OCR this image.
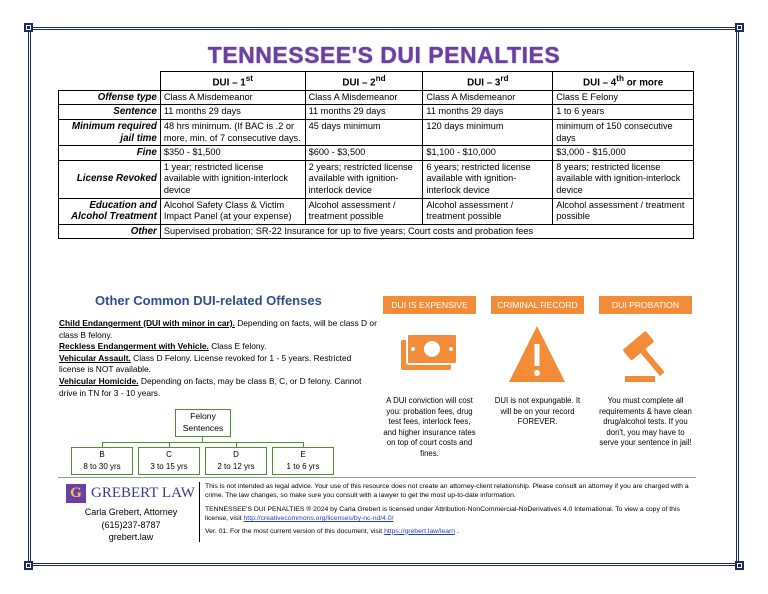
TENNESSEE'S DUI PENALTIES
	DUI – 1st	DUI – 2nd	DUI – 3rd	DUI – 4th or more
Offense type	Class A Misdemeanor	Class A Misdemeanor	Class A Misdemeanor	Class E Felony
Sentence	11 months 29 days	11 months 29 days	11 months 29 days	1 to 6 years
Minimum required jail time	48 hrs minimum. (If BAC is .2 or more, min. of 7 consecutive days.	45 days minimum	120 days minimum	minimum of 150 consecutive days
Fine	$350 - $1,500	$600 - $3,500	$1,100 - $10,000	$3,000 - $15,000
License Revoked	1 year; restricted license available with ignition-interlock device	2 years; restricted license available with ignition-interlock device	6 years; restricted license available with ignition-interlock device	8 years; restricted license available with ignition-interlock device
Education and Alcohol Treatment	Alcohol Safety Class & Victim Impact Panel (at your expense)	Alcohol assessment / treatment possible	Alcohol assessment / treatment possible	Alcohol assessment / treatment possible
Other	Supervised probation; SR-22 Insurance for up to five years; Court costs and probation fees			
Other Common DUI-related Offenses
Child Endangerment (DUI with minor in car). Depending on facts, will be class D or class B felony.
Reckless Endangerment with Vehicle. Class E felony.
Vehicular Assault. Class D Felony. License revoked for 1 - 5 years. Restricted license is NOT available.
Vehicular Homicide. Depending on facts, may be class B, C, or D felony. Cannot drive in TN for 3 - 10 years.
Felony Sentences
B
8 to 30 yrs
C
3 to 15 yrs
D
2 to 12 yrs
E
1 to 6 yrs
DUI IS EXPENSIVE
A DUI conviction will cost you: probation fees, drug test fees, interlock fees, and higher insurance rates on top of court costs and fines.
CRIMINAL RECORD
DUI is not expungable. It will be on your record FOREVER.
DUI PROBATION
You must complete all requirements & have clean drug/alcohol tests. If you don't, you may have to serve your sentence in jail!
G GREBERT LAW
Carla Grebert, Attorney
(615)237-8787
grebert.law
This is not intended as legal advice. Your use of this resource does not create an attorney-client relationship. Please consult an attorney if you are charged with a crime. The law changes, so make sure you consult with a lawyer to get the most up-to-date information.
TENNESSEE'S DUI PENALTIES ® 2024 by Carla Grebert is licensed under Attribution-NonCommercial-NoDerivatives 4.0 International. To view a copy of this license, visit http://creativecommons.org/licenses/by-nc-nd/4.0/
Ver. 01. For the most current version of this document, visit https://grebert.law/learn .
